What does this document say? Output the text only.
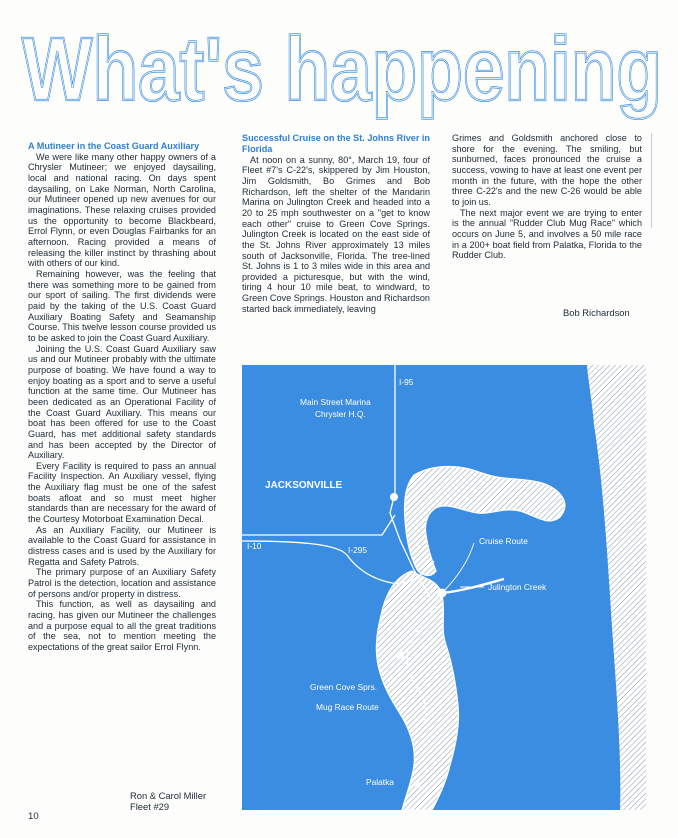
What's happening
What's happening
A Mutineer in the Coast Guard Auxiliary

We were like many other happy owners of a Chrysler Mutineer; we enjoyed daysailing, local and national racing. On days spent daysailing, on Lake Norman, North Carolina, our Mutineer opened up new avenues for our imaginations. These relaxing cruises provided us the opportunity to become Blackbeard, Errol Flynn, or even Douglas Fairbanks for an afternoon. Racing provided a means of releasing the killer instinct by thrashing about with others of our kind.

Remaining however, was the feeling that there was something more to be gained from our sport of sailing. The first dividends were paid by the taking of the U.S. Coast Guard Auxiliary Boating Safety and Seamanship Course. This twelve lesson course provided us to be asked to join the Coast Guard Auxiliary.

Joining the U.S. Coast Guard Auxiliary saw us and our Mutineer probably with the ultimate purpose of boating. We have found a way to enjoy boating as a sport and to serve a useful function at the same time. Our Mutineer has been dedicated as an Operational Facility of the Coast Guard Auxiliary. This means our boat has been offered for use to the Coast Guard, has met additional safety standards and has been accepted by the Director of Auxiliary.

Every Facility is required to pass an annual Facility Inspection. An Auxiliary vessel, flying the Auxiliary flag must be one of the safest boats afloat and so must meet higher standards than are necessary for the award of the Courtesy Motorboat Examination Decal.

As an Auxiliary Facility, our Mutineer is available to the Coast Guard for assistance in distress cases and is used by the Auxiliary for Regatta and Safety Patrols.

The primary purpose of an Auxiliary Safety Patrol is the detection, location and assistance of persons and/or property in distress.

This function, as well as daysailing and racing, has given our Mutineer the challenges and a purpose equal to all the great traditions of the sea, not to mention meeting the expectations of the great sailor Errol Flynn.

Ron & Carol Miller
Fleet #29
Successful Cruise on the St. Johns River in Florida

At noon on a sunny, 80°, March 19, four of Fleet #7's C-22's, skippered by Jim Houston, Jim Goldsmith, Bo Grimes and Bob Richardson, left the shelter of the Mandarin Marina on Julington Creek and headed into a 20 to 25 mph southwester on a "get to know each other" cruise to Green Cove Springs. Julington Creek is located on the east side of the St. Johns River approximately 13 miles south of Jacksonville, Florida. The tree-lined St. Johns is 1 to 3 miles wide in this area and provided a picturesque, but with the wind, tiring 4 hour 10 mile beat, to windward, to Green Cove Springs. Houston and Richardson started back immediately, leaving

Grimes and Goldsmith anchored close to shore for the evening. The smiling, but sunburned, faces pronounced the cruise a success, vowing to have at least one event per month in the future, with the hope the other three C-22's and the new C-26 would be able to join us.

The next major event we are trying to enter is the annual "Rudder Club Mug Race" which occurs on June 5, and involves a 50 mile race in a 200+ boat field from Palatka, Florida to the Rudder Club.

Bob Richardson
I-95
Main Street Marina
Chrysler H.Q.
JACKSONVILLE
I-10	I-295
Cruise Route
Julington Creek
Green Cove Sprs.
Mug Race Route
Palatka
10
